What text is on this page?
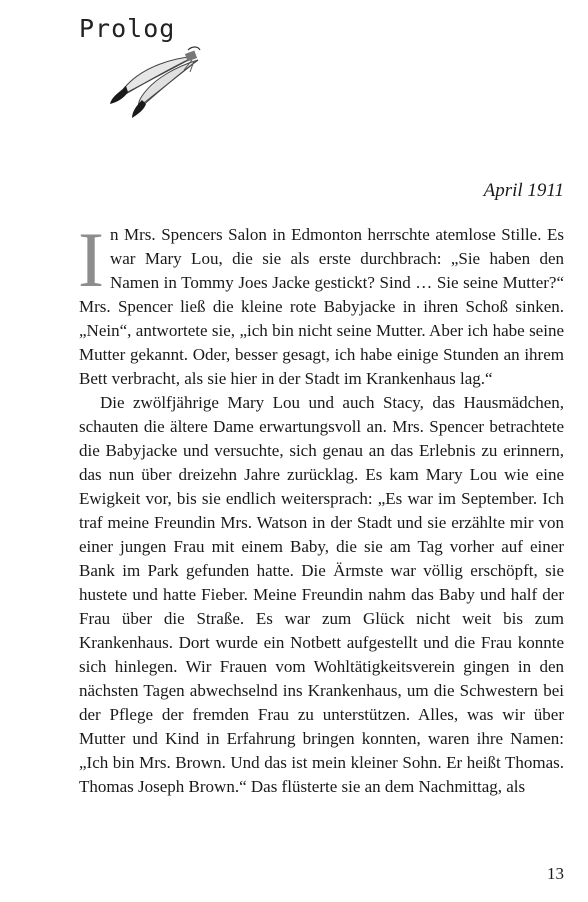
Prolog
April 1911

In Mrs. Spencers Salon in Edmonton herrschte atemlose Stille. Es war Mary Lou, die sie als erste durchbrach: „Sie haben den Namen in Tommy Joes Jacke gestickt? Sind … Sie seine Mutter?“ Mrs. Spencer ließ die kleine rote Babyjacke in ihren Schoß sinken. „Nein“, antwortete sie, „ich bin nicht seine Mutter. Aber ich habe seine Mutter gekannt. Oder, besser gesagt, ich habe einige Stunden an ihrem Bett verbracht, als sie hier in der Stadt im Krankenhaus lag.“

Die zwölfjährige Mary Lou und auch Stacy, das Hausmädchen, schauten die ältere Dame erwartungsvoll an. Mrs. Spencer betrachtete die Babyjacke und versuchte, sich genau an das Erlebnis zu erinnern, das nun über dreizehn Jahre zurücklag. Es kam Mary Lou wie eine Ewigkeit vor, bis sie endlich weitersprach: „Es war im September. Ich traf meine Freundin Mrs. Watson in der Stadt und sie erzählte mir von einer jungen Frau mit einem Baby, die sie am Tag vorher auf einer Bank im Park gefunden hatte. Die Ärmste war völlig erschöpft, sie hustete und hatte Fieber. Meine Freundin nahm das Baby und half der Frau über die Straße. Es war zum Glück nicht weit bis zum Krankenhaus. Dort wurde ein Notbett aufgestellt und die Frau konnte sich hinlegen. Wir Frauen vom Wohltätigkeitsverein gingen in den nächsten Tagen abwechselnd ins Krankenhaus, um die Schwestern bei der Pflege der fremden Frau zu unterstützen. Alles, was wir über Mutter und Kind in Erfahrung bringen konnten, waren ihre Namen: „Ich bin Mrs. Brown. Und das ist mein kleiner Sohn. Er heißt Thomas. Thomas Joseph Brown.“ Das flüsterte sie an dem Nachmittag, als

13
